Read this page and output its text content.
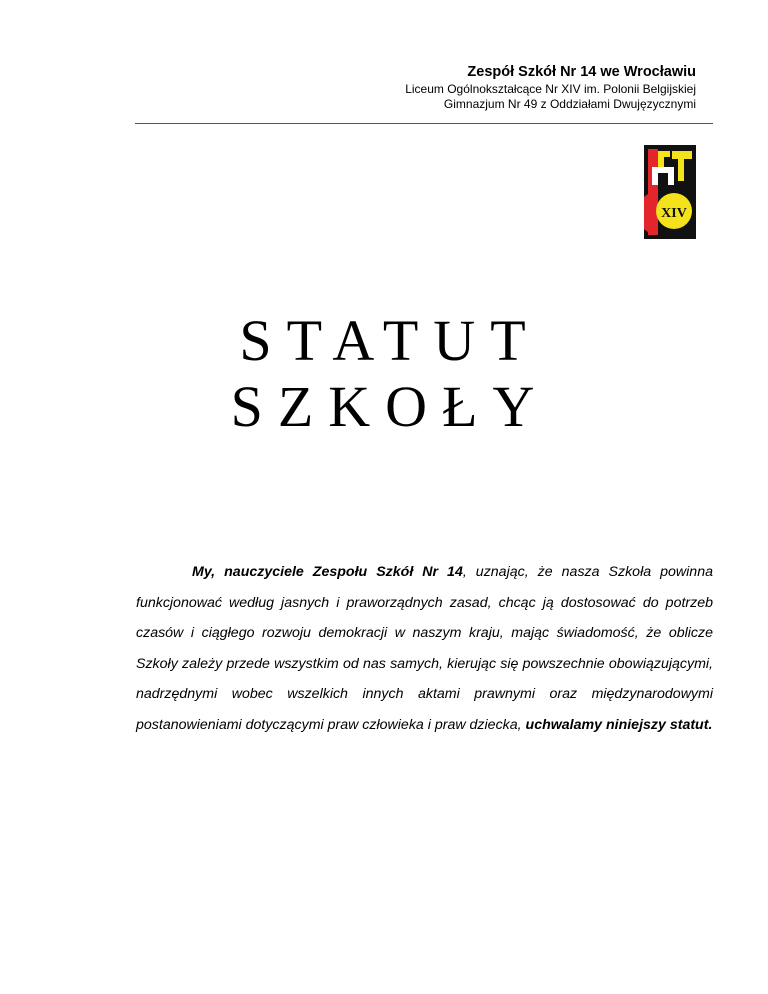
Zespół Szkół Nr 14 we Wrocławiu
Liceum Ogólnokształcące Nr XIV im. Polonii Belgijskiej
Gimnazjum Nr 49 z Oddziałami Dwujęzycznymi
XIV
STATUT
SZKOŁY
My, nauczyciele Zespołu Szkół Nr 14, uznając, że nasza Szkoła powinna funkcjonować według jasnych i praworządnych zasad, chcąc ją dostosować do potrzeb czasów i ciągłego rozwoju demokracji w naszym kraju, mając świadomość, że oblicze Szkoły zależy przede wszystkim od nas samych, kierując się powszechnie obowiązującymi, nadrzędnymi wobec wszelkich innych aktami prawnymi oraz międzynarodowymi postanowieniami dotyczącymi praw człowieka i praw dziecka, uchwalamy niniejszy statut.
